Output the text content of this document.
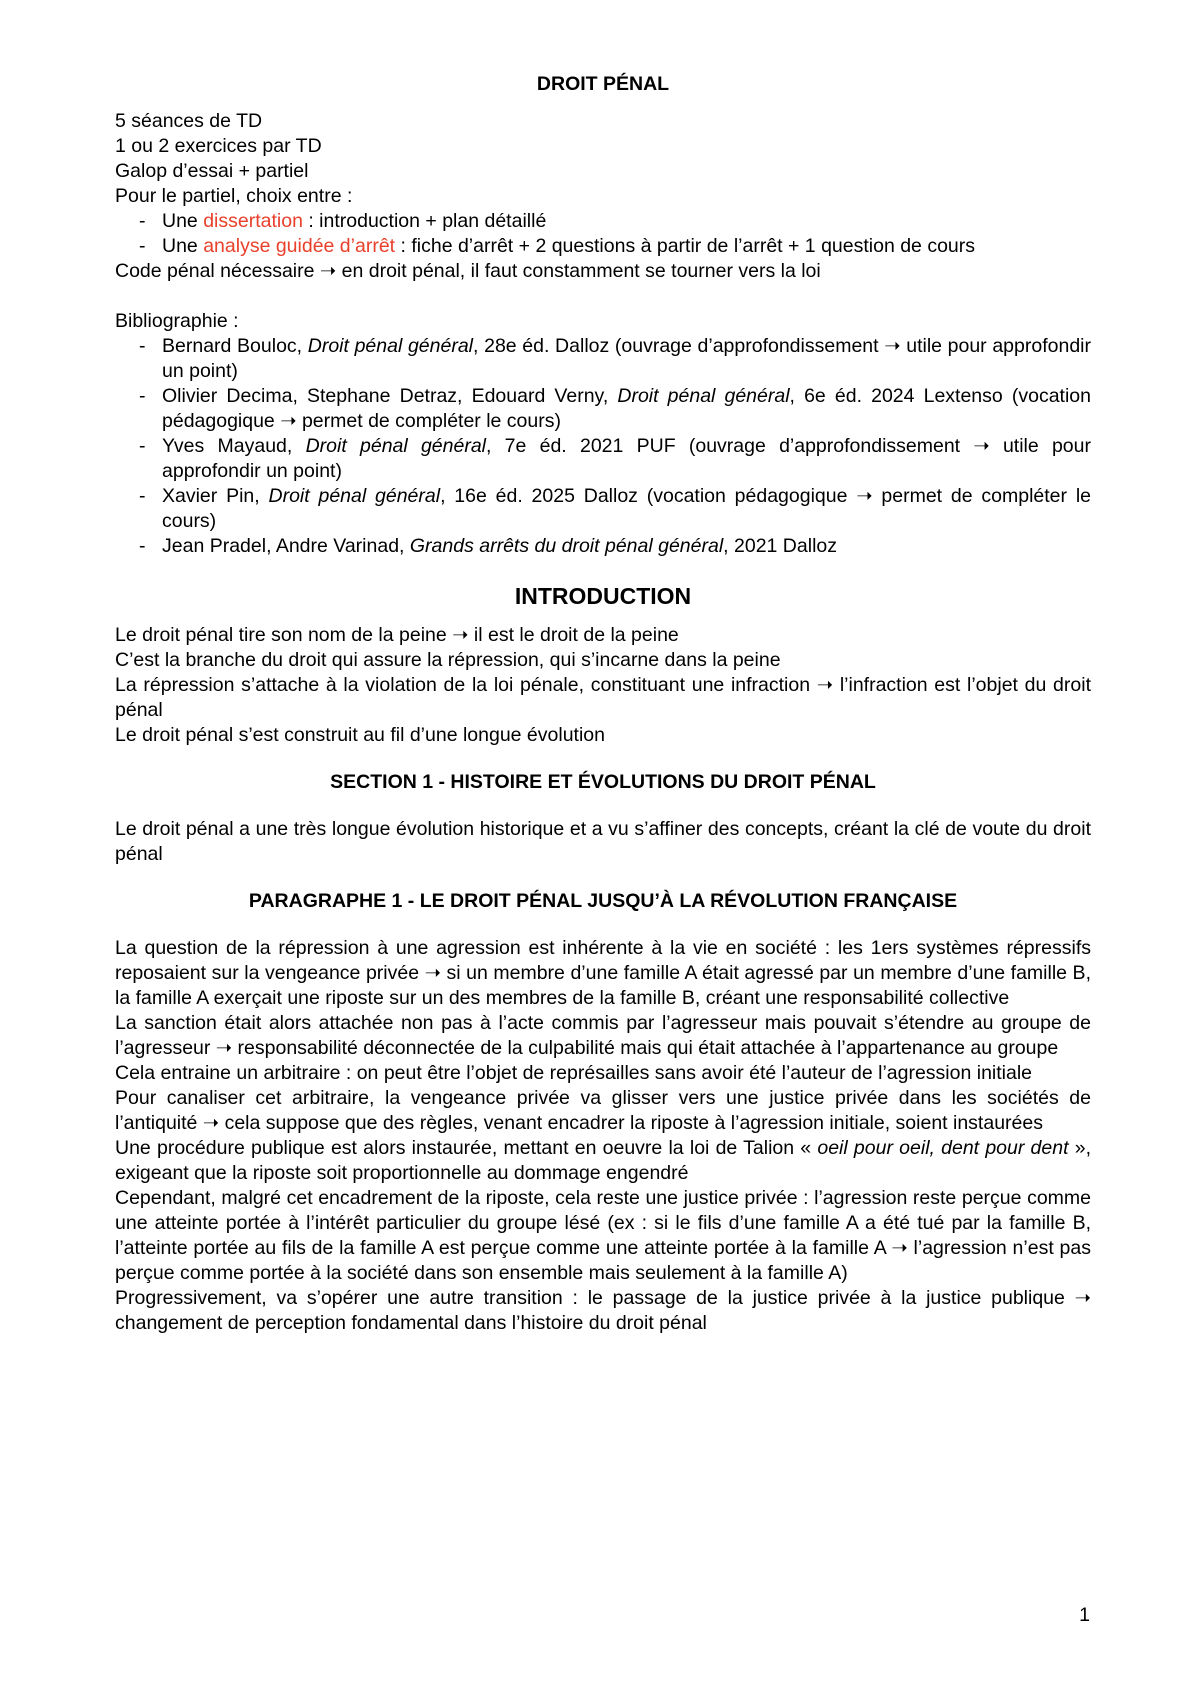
DROIT PÉNAL

5 séances de TD

1 ou 2 exercices par TD

Galop d’essai + partiel

Pour le partiel, choix entre :

- Une dissertation : introduction + plan détaillé
- Une analyse guidée d’arrêt : fiche d’arrêt + 2 questions à partir de l’arrêt + 1 question de cours

Code pénal nécessaire ➝ en droit pénal, il faut constamment se tourner vers la loi

Bibliographie :

- Bernard Bouloc, Droit pénal général, 28e éd. Dalloz (ouvrage d’approfondissement ➝ utile pour approfondir un point)
- Olivier Decima, Stephane Detraz, Edouard Verny, Droit pénal général, 6e éd. 2024 Lextenso (vocation pédagogique ➝ permet de compléter le cours)
- Yves Mayaud, Droit pénal général, 7e éd. 2021 PUF (ouvrage d’approfondissement ➝ utile pour approfondir un point)
- Xavier Pin, Droit pénal général, 16e éd. 2025 Dalloz (vocation pédagogique ➝ permet de compléter le cours)
- Jean Pradel, Andre Varinad, Grands arrêts du droit pénal général, 2021 Dalloz

INTRODUCTION

Le droit pénal tire son nom de la peine ➝ il est le droit de la peine

C’est la branche du droit qui assure la répression, qui s’incarne dans la peine

La répression s’attache à la violation de la loi pénale, constituant une infraction ➝ l’infraction est l’objet du droit pénal

Le droit pénal s’est construit au fil d’une longue évolution

SECTION 1 - HISTOIRE ET ÉVOLUTIONS DU DROIT PÉNAL

Le droit pénal a une très longue évolution historique et a vu s’affiner des concepts, créant la clé de voute du droit pénal

PARAGRAPHE 1 - LE DROIT PÉNAL JUSQU’À LA RÉVOLUTION FRANÇAISE

La question de la répression à une agression est inhérente à la vie en société : les 1ers systèmes répressifs reposaient sur la vengeance privée ➝ si un membre d’une famille A était agressé par un membre d’une famille B, la famille A exerçait une riposte sur un des membres de la famille B, créant une responsabilité collective

La sanction était alors attachée non pas à l’acte commis par l’agresseur mais pouvait s’étendre au groupe de l’agresseur ➝ responsabilité déconnectée de la culpabilité mais qui était attachée à l’appartenance au groupe

Cela entraine un arbitraire : on peut être l’objet de représailles sans avoir été l’auteur de l’agression initiale

Pour canaliser cet arbitraire, la vengeance privée va glisser vers une justice privée dans les sociétés de l’antiquité ➝ cela suppose que des règles, venant encadrer la riposte à l’agression initiale, soient instaurées

Une procédure publique est alors instaurée, mettant en oeuvre la loi de Talion « oeil pour oeil, dent pour dent », exigeant que la riposte soit proportionnelle au dommage engendré

Cependant, malgré cet encadrement de la riposte, cela reste une justice privée : l’agression reste perçue comme une atteinte portée à l’intérêt particulier du groupe lésé (ex : si le fils d’une famille A a été tué par la famille B, l’atteinte portée au fils de la famille A est perçue comme une atteinte portée à la famille A ➝ l’agression n’est pas perçue comme portée à la société dans son ensemble mais seulement à la famille A)

Progressivement, va s’opérer une autre transition : le passage de la justice privée à la justice publique ➝ changement de perception fondamental dans l’histoire du droit pénal

1
